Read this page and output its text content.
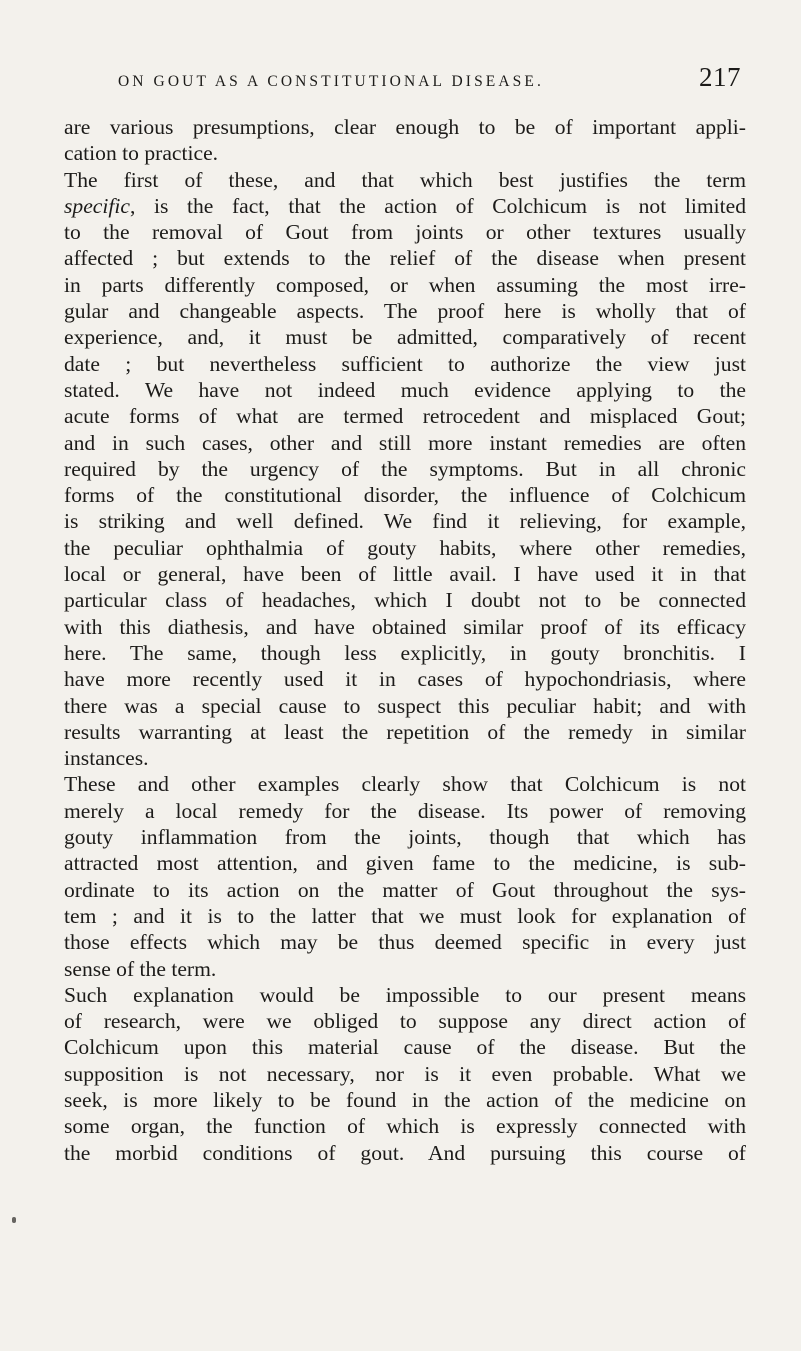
ON GOUT AS A CONSTITUTIONAL DISEASE.	217
are various presumptions, clear enough to be of important appli-
cation to practice.
The first of these, and that which best justifies the term
specific, is the fact, that the action of Colchicum is not limited
to the removal of Gout from joints or other textures usually
affected ; but extends to the relief of the disease when present
in parts differently composed, or when assuming the most irre-
gular and changeable aspects. The proof here is wholly that of
experience, and, it must be admitted, comparatively of recent
date ; but nevertheless sufficient to authorize the view just
stated. We have not indeed much evidence applying to the
acute forms of what are termed retrocedent and misplaced Gout;
and in such cases, other and still more instant remedies are often
required by the urgency of the symptoms. But in all chronic
forms of the constitutional disorder, the influence of Colchicum
is striking and well defined. We find it relieving, for example,
the peculiar ophthalmia of gouty habits, where other remedies,
local or general, have been of little avail. I have used it in that
particular class of headaches, which I doubt not to be connected
with this diathesis, and have obtained similar proof of its efficacy
here. The same, though less explicitly, in gouty bronchitis. I
have more recently used it in cases of hypochondriasis, where
there was a special cause to suspect this peculiar habit; and with
results warranting at least the repetition of the remedy in similar
instances.
These and other examples clearly show that Colchicum is not
merely a local remedy for the disease. Its power of removing
gouty inflammation from the joints, though that which has
attracted most attention, and given fame to the medicine, is sub-
ordinate to its action on the matter of Gout throughout the sys-
tem ; and it is to the latter that we must look for explanation of
those effects which may be thus deemed specific in every just
sense of the term.
Such explanation would be impossible to our present means
of research, were we obliged to suppose any direct action of
Colchicum upon this material cause of the disease. But the
supposition is not necessary, nor is it even probable. What we
seek, is more likely to be found in the action of the medicine on
some organ, the function of which is expressly connected with
the morbid conditions of gout. And pursuing this course of
